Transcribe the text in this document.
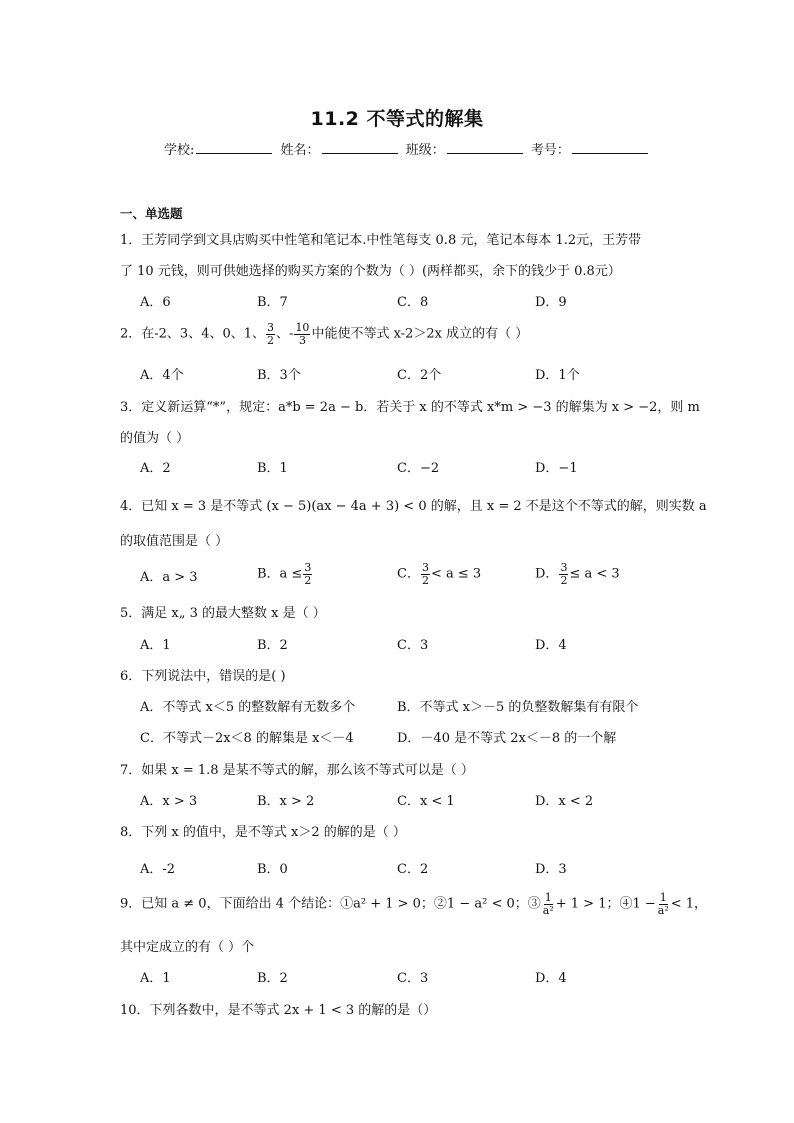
11.2 不等式的解集
学校:	姓名：	班级：	考号：
一、单选题
1．王芳同学到文具店购买中性笔和笔记本.中性笔每支 0.8 元，笔记本每本 1.2元，王芳带
了 10 元钱，则可供她选择的购买方案的个数为（ ）(两样都买，余下的钱少于 0.8元）
A．6	B．7	C．8	D．9
2．在-2、3、4、0、1、 $\frac{3}{2}$ 、- $\frac{10}{3}$ 中能使不等式 x-2＞2x 成立的有（ ）
A．4个	B．3个	C．2个	D．1个
3．定义新运算“*”，规定：a*b = 2a − b．若关于 x 的不等式 x*m > −3 的解集为 x > −2，则 m
的值为（ ）
A．2	B．1	C．−2	D．−1
4．已知 x = 3 是不等式 (x − 5)(ax − 4a + 3) < 0 的解，且 x = 2 不是这个不等式的解，则实数 a
的取值范围是（ ）
A．a > 3	B．$a \le \frac{3}{2}$	C． $\frac{3}{2} < a \le 3$	D． $\frac{3}{2} \le a < 3$
5．满足 x„ 3 的最大整数 x 是（ ）
A．1	B．2	C．3	D．4
6．下列说法中，错误的是( )
A．不等式 x＜5 的整数解有无数多个	B．不等式 x＞－5 的负整数解集有有限个
C．不等式－2x＜8 的解集是 x＜－4	D．－40 是不等式 2x＜－8 的一个解
7．如果 x = 1.8 是某不等式的解，那么该不等式可以是（ ）
A．x > 3	B．x > 2	C．x < 1	D．x < 2
8．下列 x 的值中，是不等式 x＞2 的解的是（ ）
A．-2	B．0	C．2	D．3
9．已知 a ≠ 0，下面给出 4 个结论：①a² + 1 > 0；②1 − a² < 0；③ $\frac{1}{\text{a²}} + 1 > 1$；④1 − $\frac{1}{\text{a²}} < 1$，
其中定成立的有（ ）个
A．1	B．2	C．3	D．4
10．下列各数中，是不等式 2x + 1 < 3 的解的是（）
